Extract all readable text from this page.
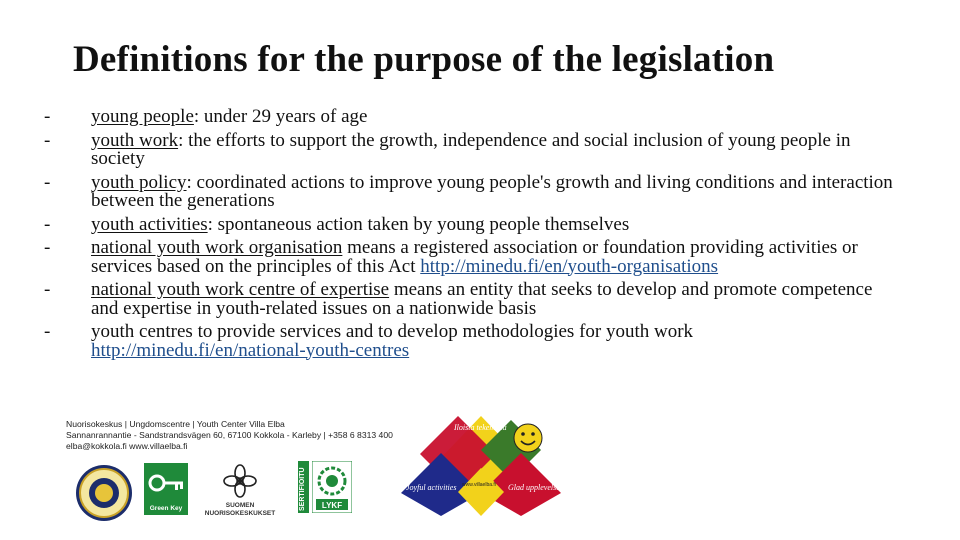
Definitions for the purpose of the legislation
- young people: under 29 years of age
- youth work: the efforts to support the growth, independence and social inclusion of young people in society
- youth policy: coordinated actions to improve young people's growth and living conditions and interaction between the generations
- youth activities: spontaneous action taken by young people themselves
- national youth work organisation means a registered association or foundation providing activities or services based on the principles of this Act http://minedu.fi/en/youth-organisations
- national youth work centre of expertise means an entity that seeks to develop and promote competence and expertise in youth-related issues on a nationwide basis
- youth centres to provide services and to develop methodologies for youth work http://minedu.fi/en/national-youth-centres
Nuorisokeskus | Ungdomscentre | Youth Center Villa Elba
Sannanrannantie - Sandstrandsvägen 60, 67100 Kokkola - Karleby | +358 6 8313 400
elba@kokkola.fi www.villaelba.fi
Green Key	SUOMEN NUORISOKESKUKSET
SERTIFIOITU	LYKF
Iloista tekemistä
Joyful activities	Glad upplevelser
www.villaelba.fi
